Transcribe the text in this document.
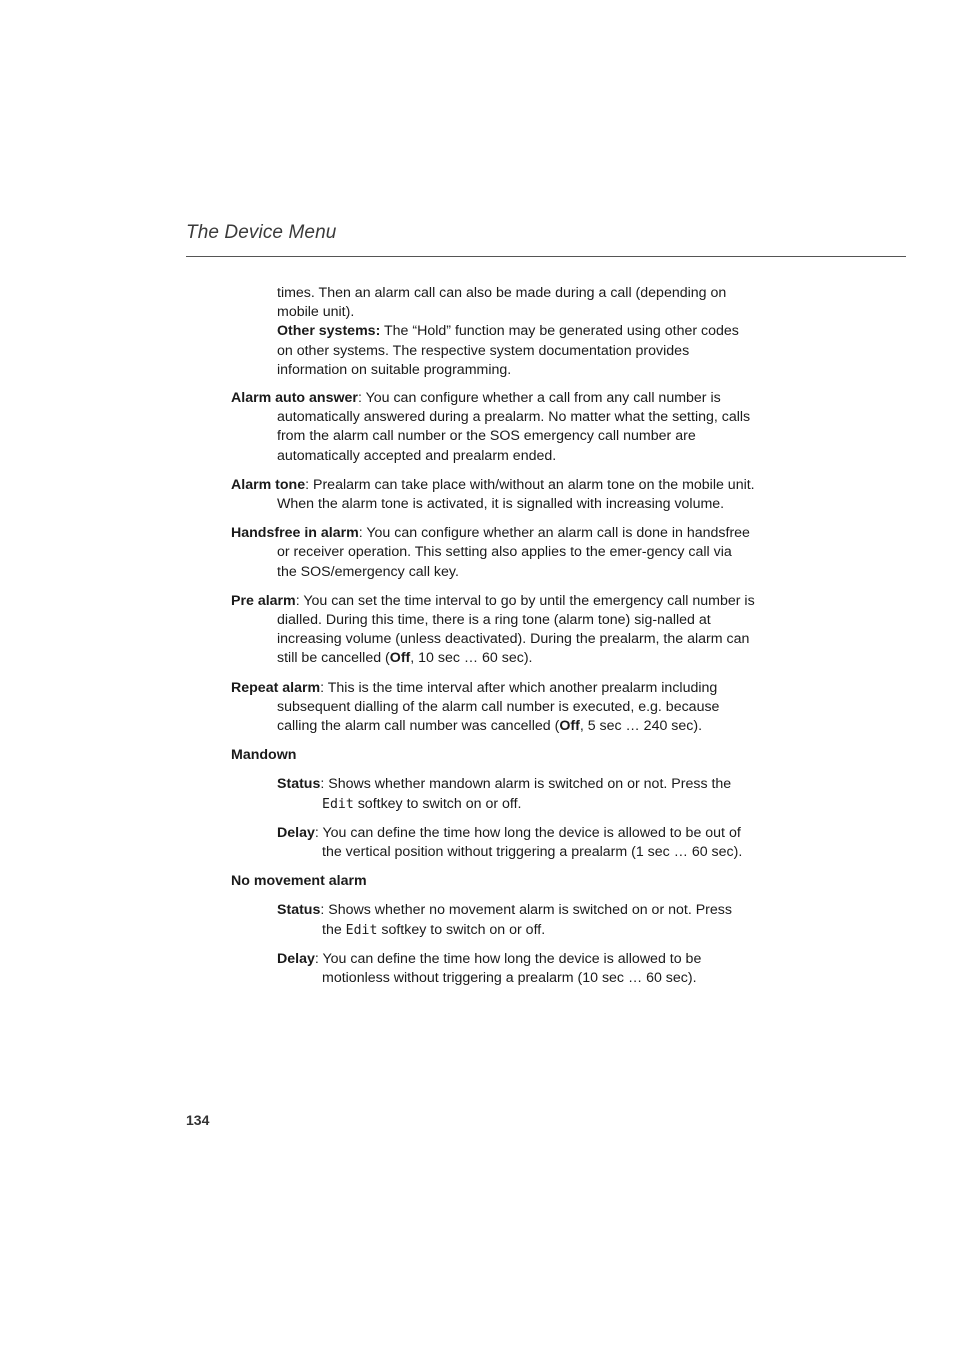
The Device Menu

times. Then an alarm call can also be made during a call (depending on mobile unit).

Other systems: The “Hold” function may be generated using other codes on other systems. The respective system documentation provides information on suitable programming.

Alarm auto answer: You can configure whether a call from any call number is automatically answered during a prealarm. No matter what the setting, calls from the alarm call number or the SOS emergency call number are automatically accepted and prealarm ended.

Alarm tone: Prealarm can take place with/without an alarm tone on the mobile unit. When the alarm tone is activated, it is signalled with increasing volume.

Handsfree in alarm: You can configure whether an alarm call is done in handsfree or receiver operation. This setting also applies to the emer-gency call via the SOS/emergency call key.

Pre alarm: You can set the time interval to go by until the emergency call number is dialled. During this time, there is a ring tone (alarm tone) sig-nalled at increasing volume (unless deactivated). During the prealarm, the alarm can still be cancelled (Off, 10 sec … 60 sec).

Repeat alarm: This is the time interval after which another prealarm including subsequent dialling of the alarm call number is executed, e.g. because calling the alarm call number was cancelled (Off, 5 sec … 240 sec).

Mandown

Status: Shows whether mandown alarm is switched on or not. Press the Edit softkey to switch on or off.

Delay: You can define the time how long the device is allowed to be out of the vertical position without triggering a prealarm (1 sec … 60 sec).

No movement alarm

Status: Shows whether no movement alarm is switched on or not. Press the Edit softkey to switch on or off.

Delay: You can define the time how long the device is allowed to be motionless without triggering a prealarm (10 sec … 60 sec).

134
